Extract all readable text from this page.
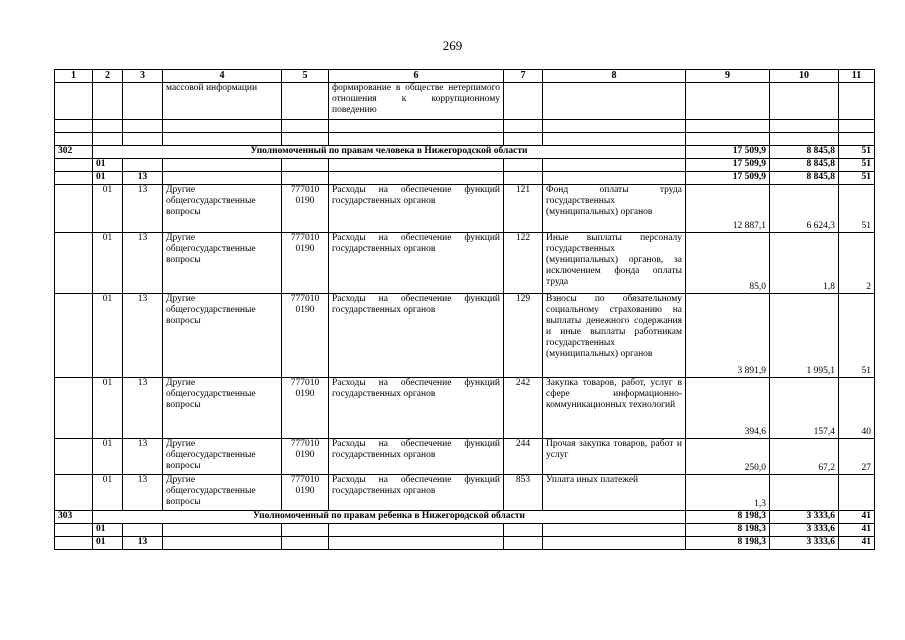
269
1	2	3	4	5	6	7	8	9	10	11
			массовой информации		формирование в обществе нетерпимого отношения к коррупционному поведению					

302	Уполномоченный по правам человека в Нижегородской области							17 509,9	8 845,8	51
	01							17 509,9	8 845,8	51
	01	13						17 509,9	8 845,8	51
	01	13	Другие общегосударственные вопросы	777010 0190	Расходы на обеспечение функций государственных органов	121	Фонд оплаты труда государственных (муниципальных) органов	12 887,1	6 624,3	51
	01	13	Другие общегосударственные вопросы	777010 0190	Расходы на обеспечение функций государственных органов	122	Иные выплаты персоналу государственных (муниципальных) органов, за исключением фонда оплаты труда	85,0	1,8	2
	01	13	Другие общегосударственные вопросы	777010 0190	Расходы на обеспечение функций государственных органов	129	Взносы по обязательному социальному страхованию на выплаты денежного содержания и иные выплаты работникам государственных (муниципальных) органов	3 891,9	1 995,1	51
	01	13	Другие общегосударственные вопросы	777010 0190	Расходы на обеспечение функций государственных органов	242	Закупка товаров, работ, услуг в сфере информационно-коммуникационных технологий	394,6	157,4	40
	01	13	Другие общегосударственные вопросы	777010 0190	Расходы на обеспечение функций государственных органов	244	Прочая закупка товаров, работ и услуг	250,0	67,2	27
	01	13	Другие общегосударственные вопросы	777010 0190	Расходы на обеспечение функций государственных органов	853	Уплата иных платежей	1,3		
303	Уполномоченный по правам ребенка в Нижегородской области							8 198,3	3 333,6	41
	01							8 198,3	3 333,6	41
	01	13						8 198,3	3 333,6	41
